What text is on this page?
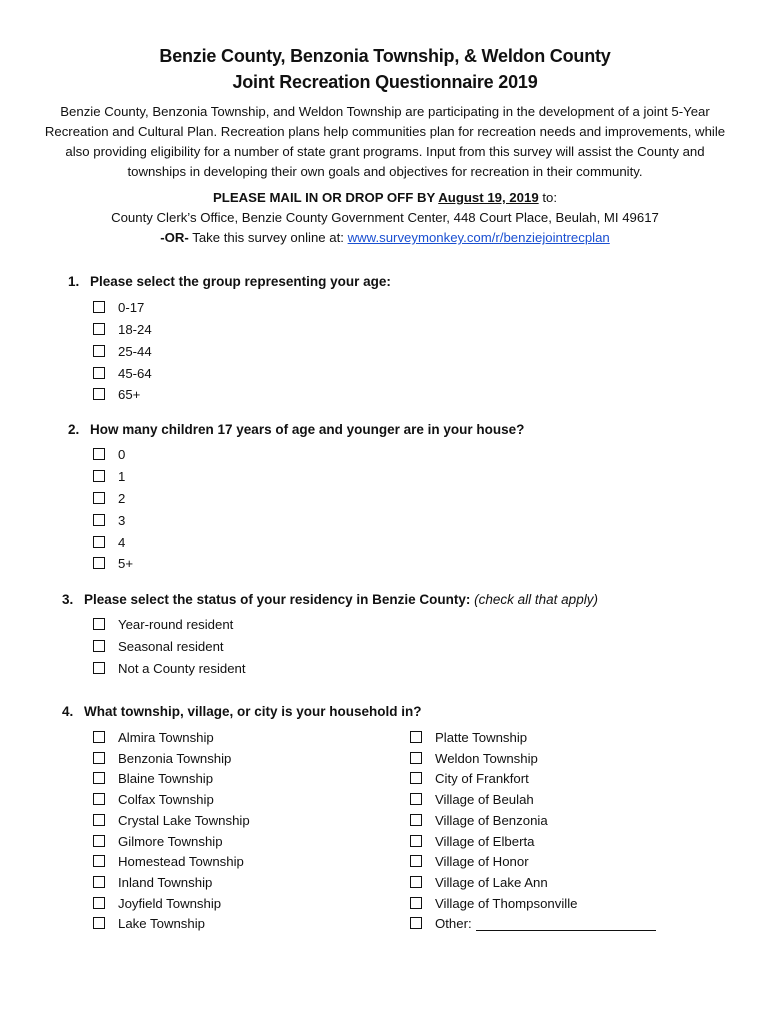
Benzie County, Benzonia Township, & Weldon County
Joint Recreation Questionnaire 2019
Benzie County, Benzonia Township, and Weldon Township are participating in the development of a joint 5-Year Recreation and Cultural Plan. Recreation plans help communities plan for recreation needs and improvements, while also providing eligibility for a number of state grant programs. Input from this survey will assist the County and townships in developing their own goals and objectives for recreation in their community.
PLEASE MAIL IN OR DROP OFF BY August 19, 2019 to:
County Clerk’s Office, Benzie County Government Center, 448 Court Place, Beulah, MI 49617
-OR- Take this survey online at: www.surveymonkey.com/r/benziejointrecplan
1. Please select the group representing your age:
0-17
18-24
25-44
45-64
65+
2. How many children 17 years of age and younger are in your house?
0
1
2
3
4
5+
3. Please select the status of your residency in Benzie County: (check all that apply)
Year-round resident
Seasonal resident
Not a County resident
4. What township, village, or city is your household in?
Almira Township
Benzonia Township
Blaine Township
Colfax Township
Crystal Lake Township
Gilmore Township
Homestead Township
Inland Township
Joyfield Township
Lake Township
Platte Township
Weldon Township
City of Frankfort
Village of Beulah
Village of Benzonia
Village of Elberta
Village of Honor
Village of Lake Ann
Village of Thompsonville
Other:
